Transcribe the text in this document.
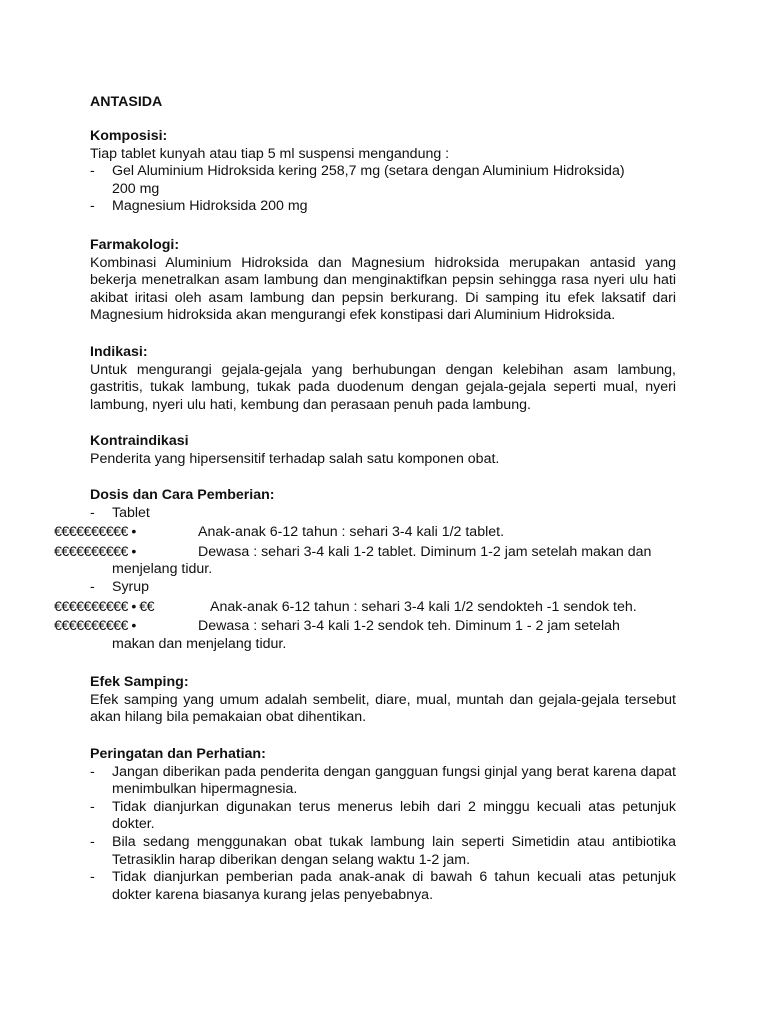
ANTASIDA
Komposisi:
Tiap tablet kunyah atau tiap 5 ml suspensi mengandung :
- Gel Aluminium Hidroksida kering 258,7 mg (setara dengan Aluminium Hidroksida)
200 mg
- Magnesium Hidroksida 200 mg
Farmakologi:
Kombinasi Aluminium Hidroksida dan Magnesium hidroksida merupakan antasid yang bekerja menetralkan asam lambung dan menginaktifkan pepsin sehingga rasa nyeri ulu hati akibat iritasi oleh asam lambung dan pepsin berkurang. Di samping itu efek laksatif dari Magnesium hidroksida akan mengurangi efek konstipasi dari Aluminium Hidroksida.
Indikasi:
Untuk mengurangi gejala-gejala yang berhubungan dengan kelebihan asam lambung, gastritis, tukak lambung, tukak pada duodenum dengan gejala-gejala seperti mual, nyeri lambung, nyeri ulu hati, kembung dan perasaan penuh pada lambung.
Kontraindikasi
Penderita yang hipersensitif terhadap salah satu komponen obat.
Dosis dan Cara Pemberian:
- Tablet
€€€€€€€€€€ •	Anak-anak 6-12 tahun : sehari 3-4 kali 1/2 tablet.
€€€€€€€€€€ •	Dewasa : sehari 3-4 kali 1-2 tablet. Diminum 1-2 jam setelah makan dan
menjelang tidur.
- Syrup
€€€€€€€€€€ • €€	Anak-anak 6-12 tahun : sehari 3-4 kali 1/2 sendokteh -1 sendok teh.
€€€€€€€€€€ •	Dewasa : sehari 3-4 kali 1-2 sendok teh. Diminum 1 - 2 jam setelah
makan dan menjelang tidur.
Efek Samping:
Efek samping yang umum adalah sembelit, diare, mual, muntah dan gejala-gejala tersebut akan hilang bila pemakaian obat dihentikan.
Peringatan dan Perhatian:
- Jangan diberikan pada penderita dengan gangguan fungsi ginjal yang berat karena dapat menimbulkan hipermagnesia.
- Tidak dianjurkan digunakan terus menerus lebih dari 2 minggu kecuali atas petunjuk dokter.
- Bila sedang menggunakan obat tukak lambung lain seperti Simetidin atau antibiotika Tetrasiklin harap diberikan dengan selang waktu 1-2 jam.
- Tidak dianjurkan pemberian pada anak-anak di bawah 6 tahun kecuali atas petunjuk dokter karena biasanya kurang jelas penyebabnya.
